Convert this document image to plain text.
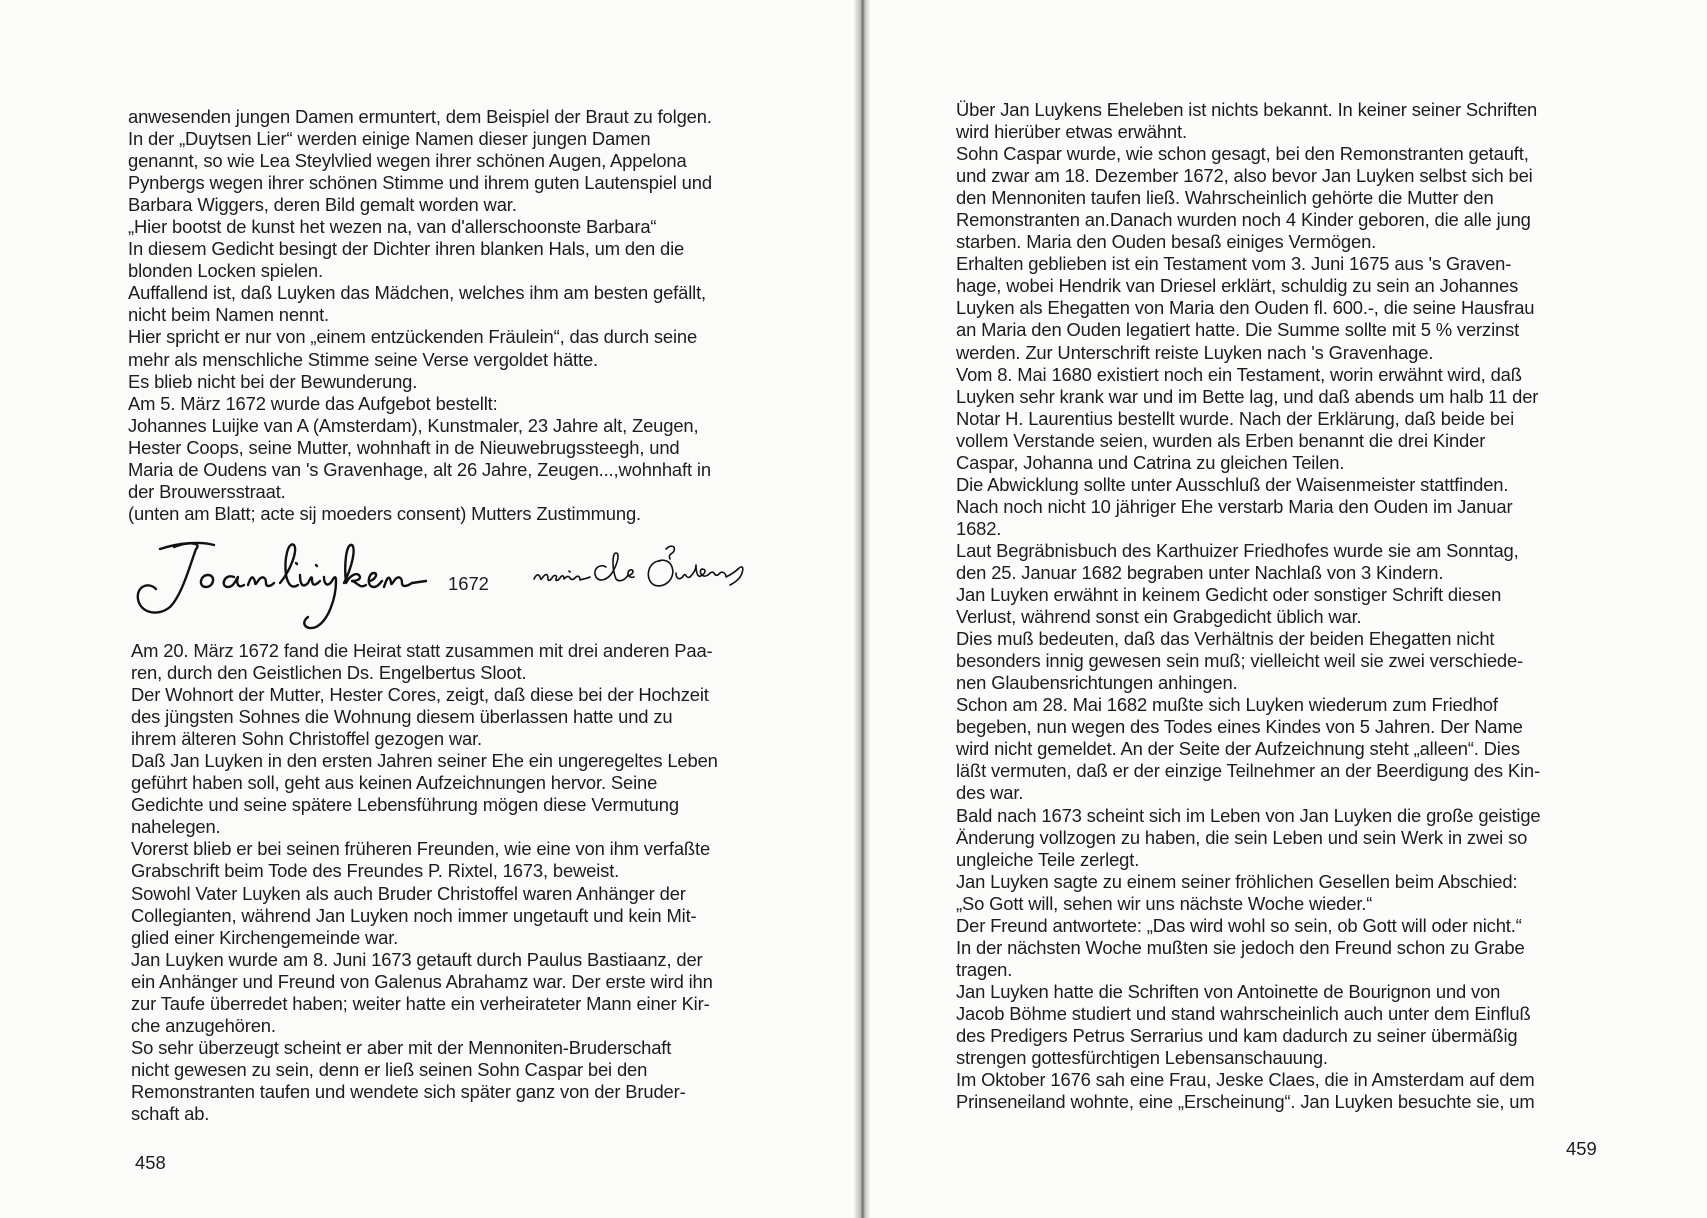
anwesenden jungen Damen ermuntert, dem Beispiel der Braut zu folgen.

In der „Duytsen Lier“ werden einige Namen dieser jungen Damen

genannt, so wie Lea Steylvlied wegen ihrer schönen Augen, Appelona

Pynbergs wegen ihrer schönen Stimme und ihrem guten Lautenspiel und

Barbara Wiggers, deren Bild gemalt worden war.

„Hier bootst de kunst het wezen na, van d'allerschoonste Barbara“

In diesem Gedicht besingt der Dichter ihren blanken Hals, um den die

blonden Locken spielen.

Auffallend ist, daß Luyken das Mädchen, welches ihm am besten gefällt,

nicht beim Namen nennt.

Hier spricht er nur von „einem entzückenden Fräulein“, das durch seine

mehr als menschliche Stimme seine Verse vergoldet hätte.

Es blieb nicht bei der Bewunderung.

Am 5. März 1672 wurde das Aufgebot bestellt:

Johannes Luijke van A (Amsterdam), Kunstmaler, 23 Jahre alt, Zeugen,

Hester Coops, seine Mutter, wohnhaft in de Nieuwebrugssteegh, und

Maria de Oudens van 's Gravenhage, alt 26 Jahre, Zeugen...,wohnhaft in

der Brouwersstraat.

(unten am Blatt; acte sij moeders consent) Mutters Zustimmung.

1672

Am 20. März 1672 fand die Heirat statt zusammen mit drei anderen Paa-

ren, durch den Geistlichen Ds. Engelbertus Sloot.

Der Wohnort der Mutter, Hester Cores, zeigt, daß diese bei der Hochzeit

des jüngsten Sohnes die Wohnung diesem überlassen hatte und zu

ihrem älteren Sohn Christoffel gezogen war.

Daß Jan Luyken in den ersten Jahren seiner Ehe ein ungeregeltes Leben

geführt haben soll, geht aus keinen Aufzeichnungen hervor. Seine

Gedichte und seine spätere Lebensführung mögen diese Vermutung

nahelegen.

Vorerst blieb er bei seinen früheren Freunden, wie eine von ihm verfaßte

Grabschrift beim Tode des Freundes P. Rixtel, 1673, beweist.

Sowohl Vater Luyken als auch Bruder Christoffel waren Anhänger der

Collegianten, während Jan Luyken noch immer ungetauft und kein Mit-

glied einer Kirchengemeinde war.

Jan Luyken wurde am 8. Juni 1673 getauft durch Paulus Bastiaanz, der

ein Anhänger und Freund von Galenus Abrahamz war. Der erste wird ihn

zur Taufe überredet haben; weiter hatte ein verheirateter Mann einer Kir-

che anzugehören.

So sehr überzeugt scheint er aber mit der Mennoniten-Bruderschaft

nicht gewesen zu sein, denn er ließ seinen Sohn Caspar bei den

Remonstranten taufen und wendete sich später ganz von der Bruder-

schaft ab.

458

Über Jan Luykens Eheleben ist nichts bekannt. In keiner seiner Schriften

wird hierüber etwas erwähnt.

Sohn Caspar wurde, wie schon gesagt, bei den Remonstranten getauft,

und zwar am 18. Dezember 1672, also bevor Jan Luyken selbst sich bei

den Mennoniten taufen ließ. Wahrscheinlich gehörte die Mutter den

Remonstranten an.Danach wurden noch 4 Kinder geboren, die alle jung

starben. Maria den Ouden besaß einiges Vermögen.

Erhalten geblieben ist ein Testament vom 3. Juni 1675 aus 's Graven-

hage, wobei Hendrik van Driesel erklärt, schuldig zu sein an Johannes

Luyken als Ehegatten von Maria den Ouden fl. 600.-, die seine Hausfrau

an Maria den Ouden legatiert hatte. Die Summe sollte mit 5 % verzinst

werden. Zur Unterschrift reiste Luyken nach 's Gravenhage.

Vom 8. Mai 1680 existiert noch ein Testament, worin erwähnt wird, daß

Luyken sehr krank war und im Bette lag, und daß abends um halb 11 der

Notar H. Laurentius bestellt wurde. Nach der Erklärung, daß beide bei

vollem Verstande seien, wurden als Erben benannt die drei Kinder

Caspar, Johanna und Catrina zu gleichen Teilen.

Die Abwicklung sollte unter Ausschluß der Waisenmeister stattfinden.

Nach noch nicht 10 jähriger Ehe verstarb Maria den Ouden im Januar

1682.

Laut Begräbnisbuch des Karthuizer Friedhofes wurde sie am Sonntag,

den 25. Januar 1682 begraben unter Nachlaß von 3 Kindern.

Jan Luyken erwähnt in keinem Gedicht oder sonstiger Schrift diesen

Verlust, während sonst ein Grabgedicht üblich war.

Dies muß bedeuten, daß das Verhältnis der beiden Ehegatten nicht

besonders innig gewesen sein muß; vielleicht weil sie zwei verschiede-

nen Glaubensrichtungen anhingen.

Schon am 28. Mai 1682 mußte sich Luyken wiederum zum Friedhof

begeben, nun wegen des Todes eines Kindes von 5 Jahren. Der Name

wird nicht gemeldet. An der Seite der Aufzeichnung steht „alleen“. Dies

läßt vermuten, daß er der einzige Teilnehmer an der Beerdigung des Kin-

des war.

Bald nach 1673 scheint sich im Leben von Jan Luyken die große geistige

Änderung vollzogen zu haben, die sein Leben und sein Werk in zwei so

ungleiche Teile zerlegt.

Jan Luyken sagte zu einem seiner fröhlichen Gesellen beim Abschied:

„So Gott will, sehen wir uns nächste Woche wieder.“

Der Freund antwortete: „Das wird wohl so sein, ob Gott will oder nicht.“

In der nächsten Woche mußten sie jedoch den Freund schon zu Grabe

tragen.

Jan Luyken hatte die Schriften von Antoinette de Bourignon und von

Jacob Böhme studiert und stand wahrscheinlich auch unter dem Einfluß

des Predigers Petrus Serrarius und kam dadurch zu seiner übermäßig

strengen gottesfürchtigen Lebensanschauung.

Im Oktober 1676 sah eine Frau, Jeske Claes, die in Amsterdam auf dem

Prinseneiland wohnte, eine „Erscheinung“. Jan Luyken besuchte sie, um

459
